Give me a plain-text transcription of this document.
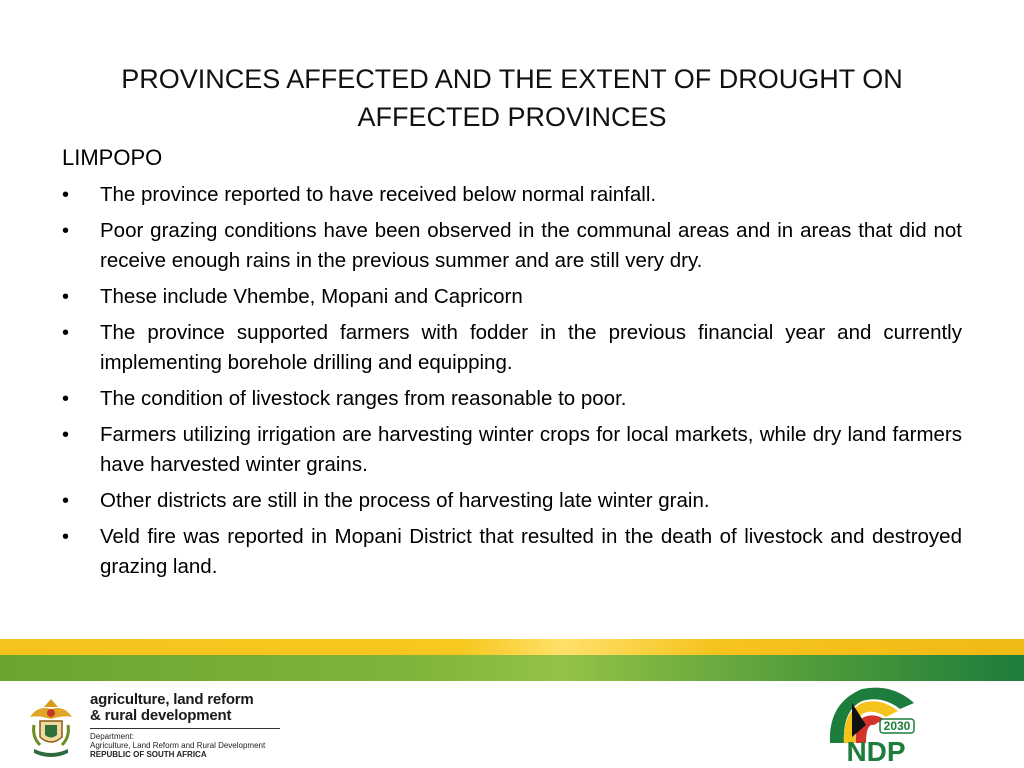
PROVINCES AFFECTED AND THE EXTENT OF DROUGHT ON AFFECTED PROVINCES
LIMPOPO
• The province reported to have received below normal rainfall.
• Poor grazing conditions have been observed in the communal areas and in areas that did not receive enough rains in the previous summer and are still very dry.
• These include Vhembe, Mopani and Capricorn
• The province supported farmers with fodder in the previous financial year and currently implementing borehole drilling and equipping.
• The condition of livestock ranges from reasonable to poor.
• Farmers utilizing irrigation are harvesting winter crops for local markets, while dry land farmers have harvested winter grains.
• Other districts are still in the process of harvesting late winter grain.
• Veld fire was reported in Mopani District that resulted in the death of livestock and destroyed grazing land.
agriculture, land reform
& rural development
Department:
Agriculture, Land Reform and Rural Development
REPUBLIC OF SOUTH AFRICA
2030
NDP
